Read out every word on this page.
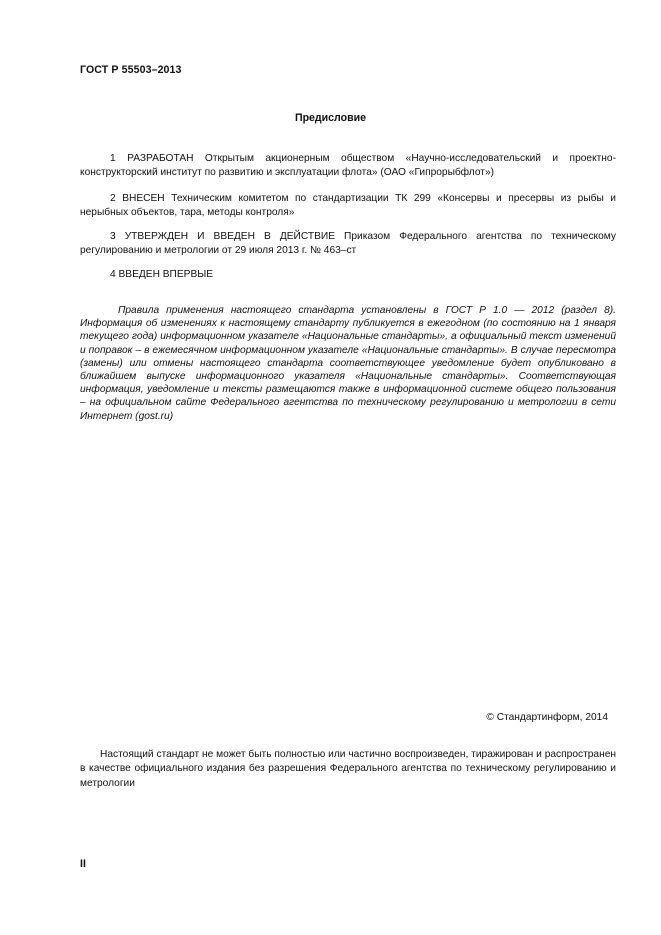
ГОСТ Р 55503–2013
Предисловие

1 РАЗРАБОТАН Открытым акционерным обществом «Научно-исследовательский и проектно-конструкторский институт по развитию и эксплуатации флота» (ОАО «Гипрорыбфлот»)

2 ВНЕСЕН Техническим комитетом по стандартизации ТК 299 «Консервы и пресервы из рыбы и нерыбных объектов, тара, методы контроля»

3 УТВЕРЖДЕН И ВВЕДЕН В ДЕЙСТВИЕ Приказом Федерального агентства по техническому регулированию и метрологии от 29 июля 2013 г. № 463–ст

4 ВВЕДЕН ВПЕРВЫЕ

Правила применения настоящего стандарта установлены в ГОСТ Р 1.0 — 2012 (раздел 8). Информация об изменениях к настоящему стандарту публикуется в ежегодном (по состоянию на 1 января текущего года) информационном указателе «Национальные стандарты», а официальный текст изменений и поправок – в ежемесячном информационном указателе «Национальные стандарты». В случае пересмотра (замены) или отмены настоящего стандарта соответствующее уведомление будет опубликовано в ближайшем выпуске информационного указателя «Национальные стандарты». Соответствующая информация, уведомление и тексты размещаются также в информационной системе общего пользования – на официальном сайте Федерального агентства по техническому регулированию и метрологии в сети Интернет (gost.ru)

© Стандартинформ, 2014

Настоящий стандарт не может быть полностью или частично воспроизведен, тиражирован и распространен в качестве официального издания без разрешения Федерального агентства по техническому регулированию и метрологии

II
